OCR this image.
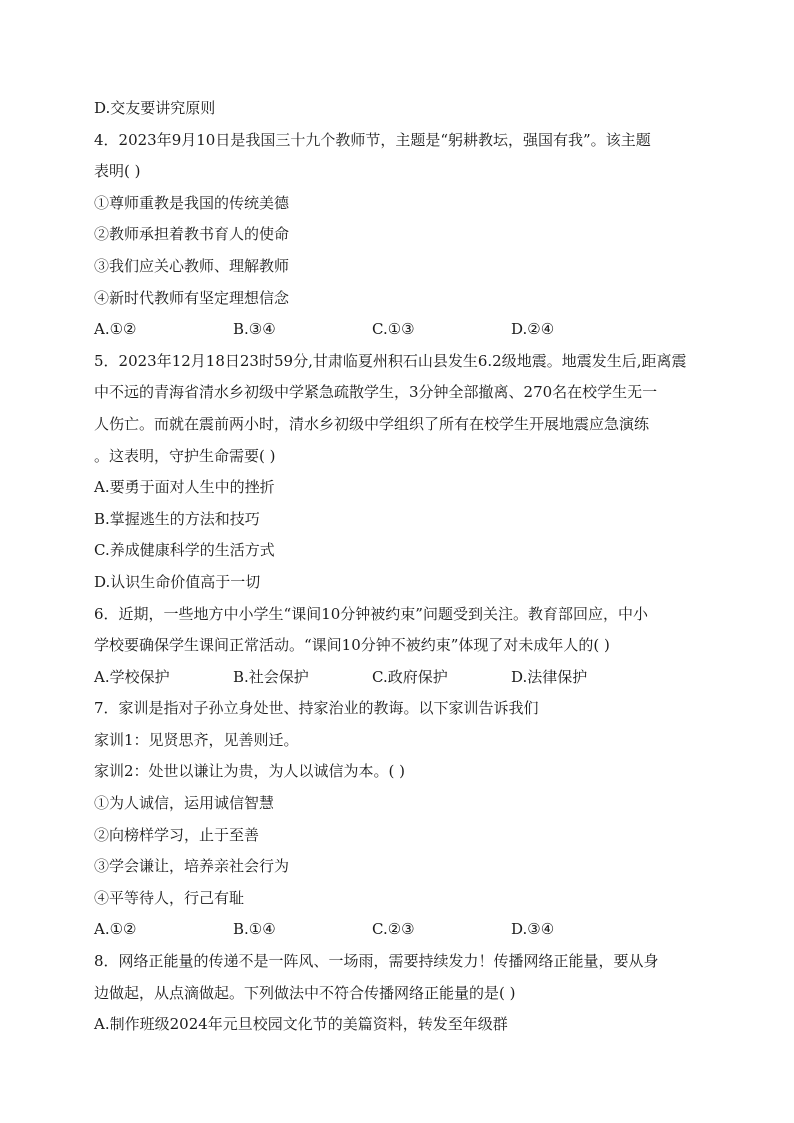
D.交友要讲究原则
4．2023年9月10日是我国三十九个教师节，主题是“躬耕教坛，强国有我”。该主题
表明( )
①尊师重教是我国的传统美德
②教师承担着教书育人的使命
③我们应关心教师、理解教师
④新时代教师有坚定理想信念
A.①②	B.③④	C.①③	D.②④
5．2023年12月18日23时59分,甘肃临夏州积石山县发生6.2级地震。地震发生后,距离震
中不远的青海省清水乡初级中学紧急疏散学生，3分钟全部撤离、270名在校学生无一
人伤亡。而就在震前两小时，清水乡初级中学组织了所有在校学生开展地震应急演练
。这表明，守护生命需要( )
A.要勇于面对人生中的挫折
B.掌握逃生的方法和技巧
C.养成健康科学的生活方式
D.认识生命价值高于一切
6．近期，一些地方中小学生“课间10分钟被约束”问题受到关注。教育部回应，中小
学校要确保学生课间正常活动。“课间10分钟不被约束”体现了对未成年人的( )
A.学校保护	B.社会保护	C.政府保护	D.法律保护
7．家训是指对子孙立身处世、持家治业的教诲。以下家训告诉我们
家训1：见贤思齐，见善则迁。
家训2：处世以谦让为贵，为人以诚信为本。( )
①为人诚信，运用诚信智慧
②向榜样学习，止于至善
③学会谦让，培养亲社会行为
④平等待人，行己有耻
A.①②	B.①④	C.②③	D.③④
8．网络正能量的传递不是一阵风、一场雨，需要持续发力！传播网络正能量，要从身
边做起，从点滴做起。下列做法中不符合传播网络正能量的是( )
A.制作班级2024年元旦校园文化节的美篇资料，转发至年级群
